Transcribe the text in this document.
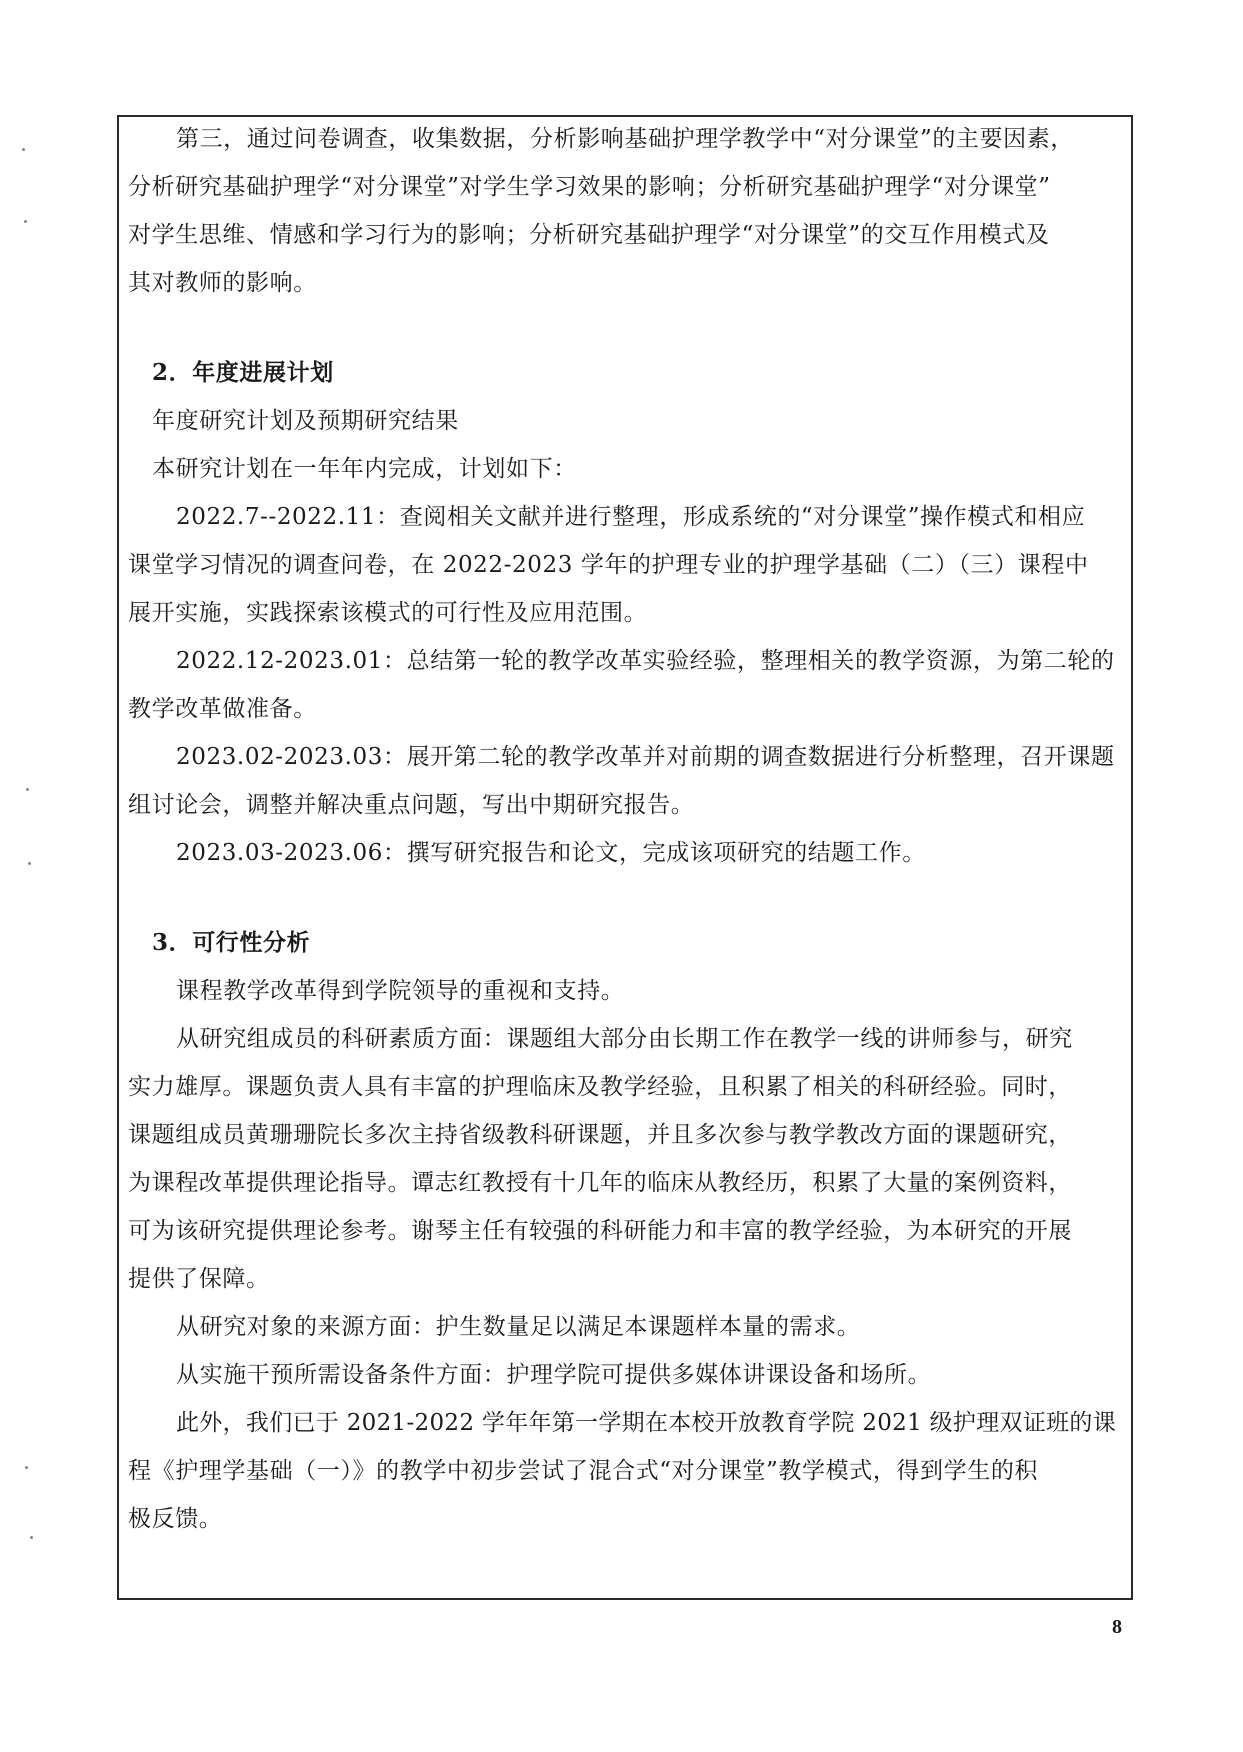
第三，通过问卷调查，收集数据，分析影响基础护理学教学中“对分课堂”的主要因素，
分析研究基础护理学“对分课堂”对学生学习效果的影响；分析研究基础护理学“对分课堂”
对学生思维、情感和学习行为的影响；分析研究基础护理学“对分课堂”的交互作用模式及
其对教师的影响。
2．年度进展计划
年度研究计划及预期研究结果
本研究计划在一年年内完成，计划如下：
2022.7--2022.11：查阅相关文献并进行整理，形成系统的“对分课堂”操作模式和相应
课堂学习情况的调查问卷，在 2022-2023 学年的护理专业的护理学基础（二）（三）课程中
展开实施，实践探索该模式的可行性及应用范围。
2022.12-2023.01：总结第一轮的教学改革实验经验，整理相关的教学资源，为第二轮的
教学改革做准备。
2023.02-2023.03：展开第二轮的教学改革并对前期的调查数据进行分析整理，召开课题
组讨论会，调整并解决重点问题，写出中期研究报告。
2023.03-2023.06：撰写研究报告和论文，完成该项研究的结题工作。
3．可行性分析
课程教学改革得到学院领导的重视和支持。
从研究组成员的科研素质方面：课题组大部分由长期工作在教学一线的讲师参与，研究
实力雄厚。课题负责人具有丰富的护理临床及教学经验，且积累了相关的科研经验。同时，
课题组成员黄珊珊院长多次主持省级教科研课题，并且多次参与教学教改方面的课题研究，
为课程改革提供理论指导。谭志红教授有十几年的临床从教经历，积累了大量的案例资料，
可为该研究提供理论参考。谢琴主任有较强的科研能力和丰富的教学经验，为本研究的开展
提供了保障。
从研究对象的来源方面：护生数量足以满足本课题样本量的需求。
从实施干预所需设备条件方面：护理学院可提供多媒体讲课设备和场所。
此外，我们已于 2021-2022 学年年第一学期在本校开放教育学院 2021 级护理双证班的课
程《护理学基础（一）》的教学中初步尝试了混合式“对分课堂”教学模式，得到学生的积
极反馈。
8
